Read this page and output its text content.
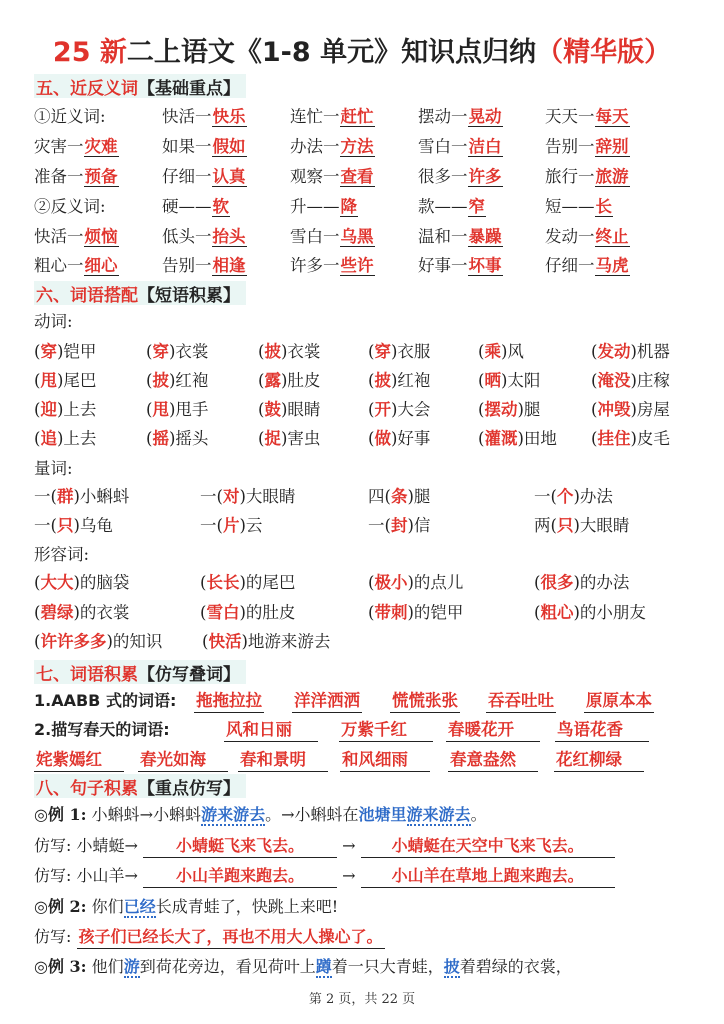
25 新二上语文《1-8 单元》知识点归纳（精华版）
五、近反义词 【基础重点】
①近义词:	快活一快乐	连忙一赶忙	摆动一晃动	天天一每天
灾害一灾难	如果一假如	办法一方法	雪白一洁白	告别一辞别
准备一预备	仔细一认真	观察一查看	很多一许多	旅行一旅游
②反义词:	硬——软	升——降	款——窄	短——长
快活一烦恼	低头一抬头	雪白一乌黑	温和一暴躁	发动一终止
粗心一细心	告别一相逢	许多一些许	好事一坏事	仔细一马虎
六、词语搭配 【短语积累】
动词:
(穿)铠甲	(穿)衣裳	(披)衣裳	(穿)衣服	(乘)风	(发动)机器
(甩)尾巴	(披)红袍	(露)肚皮	(披)红袍	(晒)太阳	(淹没)庄稼
(迎)上去	(甩)甩手	(鼓)眼睛	(开)大会	(摆动)腿	(冲毁)房屋
(追)上去	(摇)摇头	(捉)害虫	(做)好事	(灌溉)田地 (挂住)皮毛
量词:
一(群)小蝌蚪	一(对)大眼睛	四(条)腿	一(个)办法
一(只)乌龟	一(片)云	一(封)信	两(只)大眼睛
形容词:
(大大)的脑袋	(长长)的尾巴	(极小)的点儿	(很多)的办法
(碧绿)的衣裳	(雪白)的肚皮	(带刺)的铠甲	(粗心)的小朋友
(许许多多)的知识 (快活)地游来游去
七、词语积累 【仿写叠词】
1.AABB 式的词语: 拖拖拉拉 洋洋洒洒 慌慌张张 吞吞吐吐 原原本本
2.描写春天的词语:	风和日丽	万紫千红	春暖花开	鸟语花香
姹紫嫣红	春光如海	春和景明	和风细雨	春意盎然	花红柳绿
八、句子积累 【重点仿写】
◎例 1: 小蝌蚪→小蝌蚪游来游去。→小蝌蚪在池塘里游来游去。
仿写: 小蜻蜓→ 小蜻蜓飞来飞去。 → 小蜻蜓在天空中飞来飞去。
仿写: 小山羊→ 小山羊跑来跑去。 → 小山羊在草地上跑来跑去。
◎例 2: 你们已经长成青蛙了，快跳上来吧!
仿写: 孩子们已经长大了，再也不用大人操心了。
◎例 3: 他们游到荷花旁边，看见荷叶上蹲着一只大青蛙，披着碧绿的衣裳，
第 2 页，共 22 页
